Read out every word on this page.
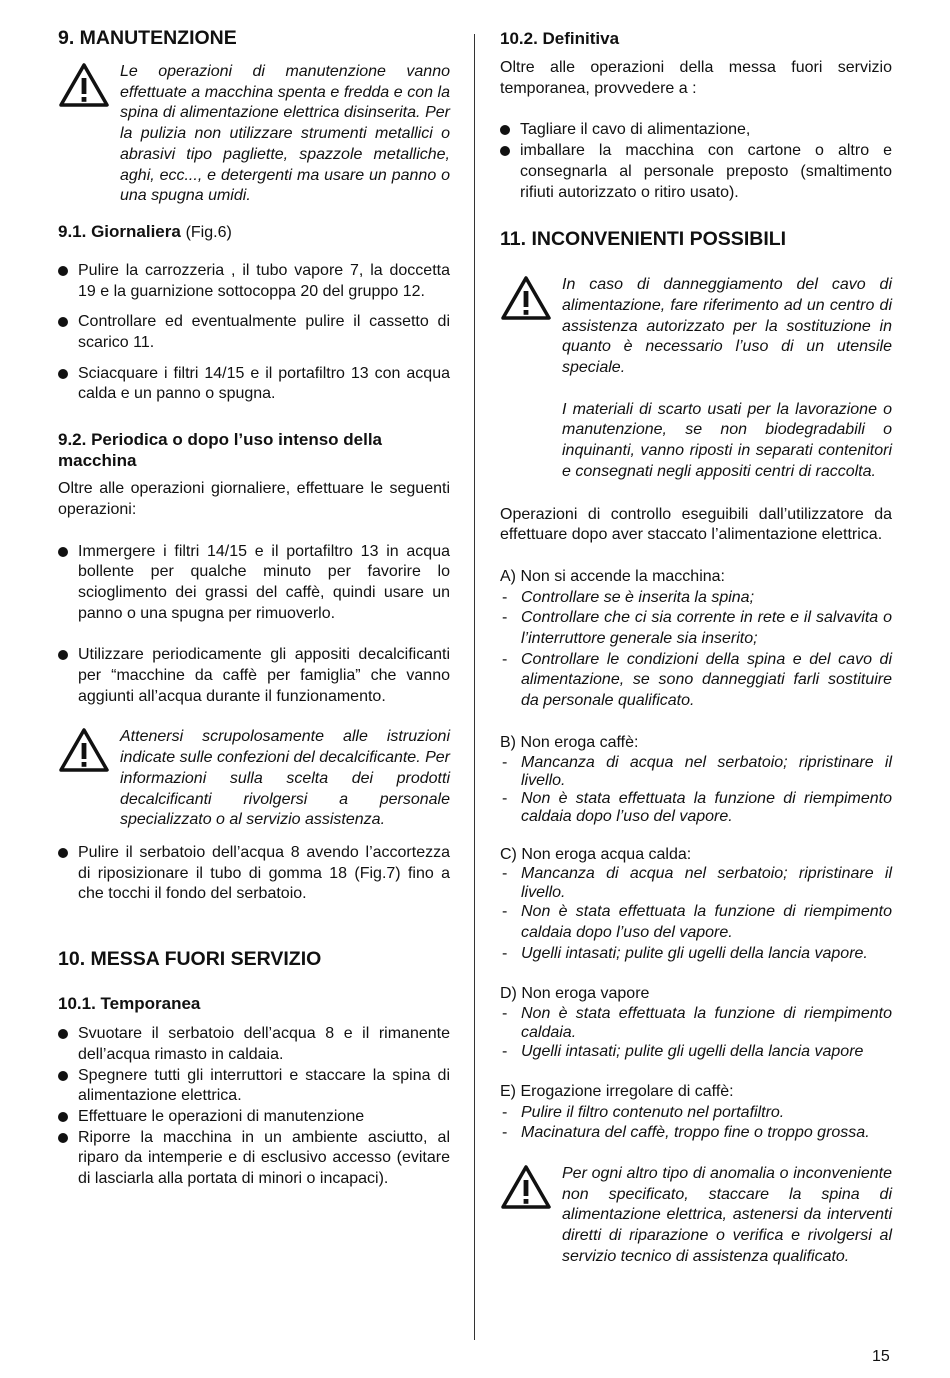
9. MANUTENZIONE
Le operazioni di manutenzione vanno effettuate a macchina spenta e fredda e con la spina di alimentazione elettrica disinserita. Per la pulizia non utilizzare strumenti metallici o abrasivi tipo pagliette, spazzole metalliche, aghi, ecc..., e detergenti ma usare un panno o una spugna umidi.
9.1. Giornaliera (Fig.6)
Pulire la carrozzeria , il tubo vapore 7, la doccetta 19 e la guarnizione sottocoppa 20 del gruppo 12.
Controllare ed eventualmente pulire il cassetto di scarico 11.
Sciacquare i filtri 14/15 e il portafiltro 13 con acqua calda e un panno o spugna.
9.2. Periodica o dopo l’uso intenso della macchina

Oltre alle operazioni giornaliere, effettuare le seguenti operazioni:

Immergere i filtri 14/15 e il portafiltro 13 in acqua bollente per qualche minuto per favorire lo scioglimento dei grassi del caffè, quindi usare un panno o una spugna per rimuoverlo.
Utilizzare periodicamente gli appositi decalcificanti per “macchine da caffè per famiglia” che vanno aggiunti all’acqua durante il funzionamento.
Attenersi scrupolosamente alle istruzioni indicate sulle confezioni del decalcificante. Per informazioni sulla scelta dei prodotti decalcificanti rivolgersi a personale specializzato o al servizio assistenza.
Pulire il serbatoio dell’acqua 8 avendo l’accortezza di riposizionare il tubo di gomma 18 (Fig.7) fino a che tocchi il fondo del serbatoio.
10. MESSA FUORI SERVIZIO
10.1. Temporanea
Svuotare il serbatoio dell’acqua 8 e il rimanente dell’acqua rimasto in caldaia.
Spegnere tutti gli interruttori e staccare la spina di alimentazione elettrica.
Effettuare le operazioni di manutenzione
Riporre la macchina in un ambiente asciutto, al riparo da intemperie e di esclusivo accesso (evitare di lasciarla alla portata di minori o incapaci).
10.2. Definitiva

Oltre alle operazioni della messa fuori servizio temporanea, provvedere a :

Tagliare il cavo di alimentazione,
imballare la macchina con cartone o altro e consegnarla al personale preposto (smaltimento rifiuti autorizzato o ritiro usato).
11. INCONVENIENTI POSSIBILI
In caso di danneggiamento del cavo di alimentazione, fare riferimento ad un centro di assistenza autorizzato per la sostituzione in quanto è necessario l’uso di un utensile speciale.
I materiali di scarto usati per la lavorazione o manutenzione, se non biodegradabili o inquinanti, vanno riposti in separati contenitori e consegnati negli appositi centri di raccolta.

Operazioni di controllo eseguibili dall’utilizzatore da effettuare dopo aver staccato l’alimentazione elettrica.

A) Non si accende la macchina:

- Controllare se è inserita la spina;
- Controllare che ci sia corrente in rete e il salvavita o l’interruttore generale sia inserito;
- Controllare le condizioni della spina e del cavo di alimentazione, se sono danneggiati farli sostituire da personale qualificato.

B) Non eroga caffè:

- Mancanza di acqua nel serbatoio; ripristinare il livello.
- Non è stata effettuata la funzione di riempimento caldaia dopo l’uso del vapore.

C) Non eroga acqua calda:

- Mancanza di acqua nel serbatoio; ripristinare il livello.
- Non è stata effettuata la funzione di riempimento caldaia dopo l’uso del vapore.
- Ugelli intasati; pulite gli ugelli della lancia vapore.

D) Non eroga vapore

- Non è stata effettuata la funzione di riempimento caldaia.
- Ugelli intasati; pulite gli ugelli della lancia vapore

E) Erogazione irregolare di caffè:

- Pulire il filtro contenuto nel portafiltro.
- Macinatura del caffè, troppo fine o troppo grossa.
Per ogni altro tipo di anomalia o inconveniente non specificato, staccare la spina di alimentazione elettrica, astenersi da interventi diretti di riparazione o verifica e rivolgersi al servizio tecnico di assistenza qualificato.
15
